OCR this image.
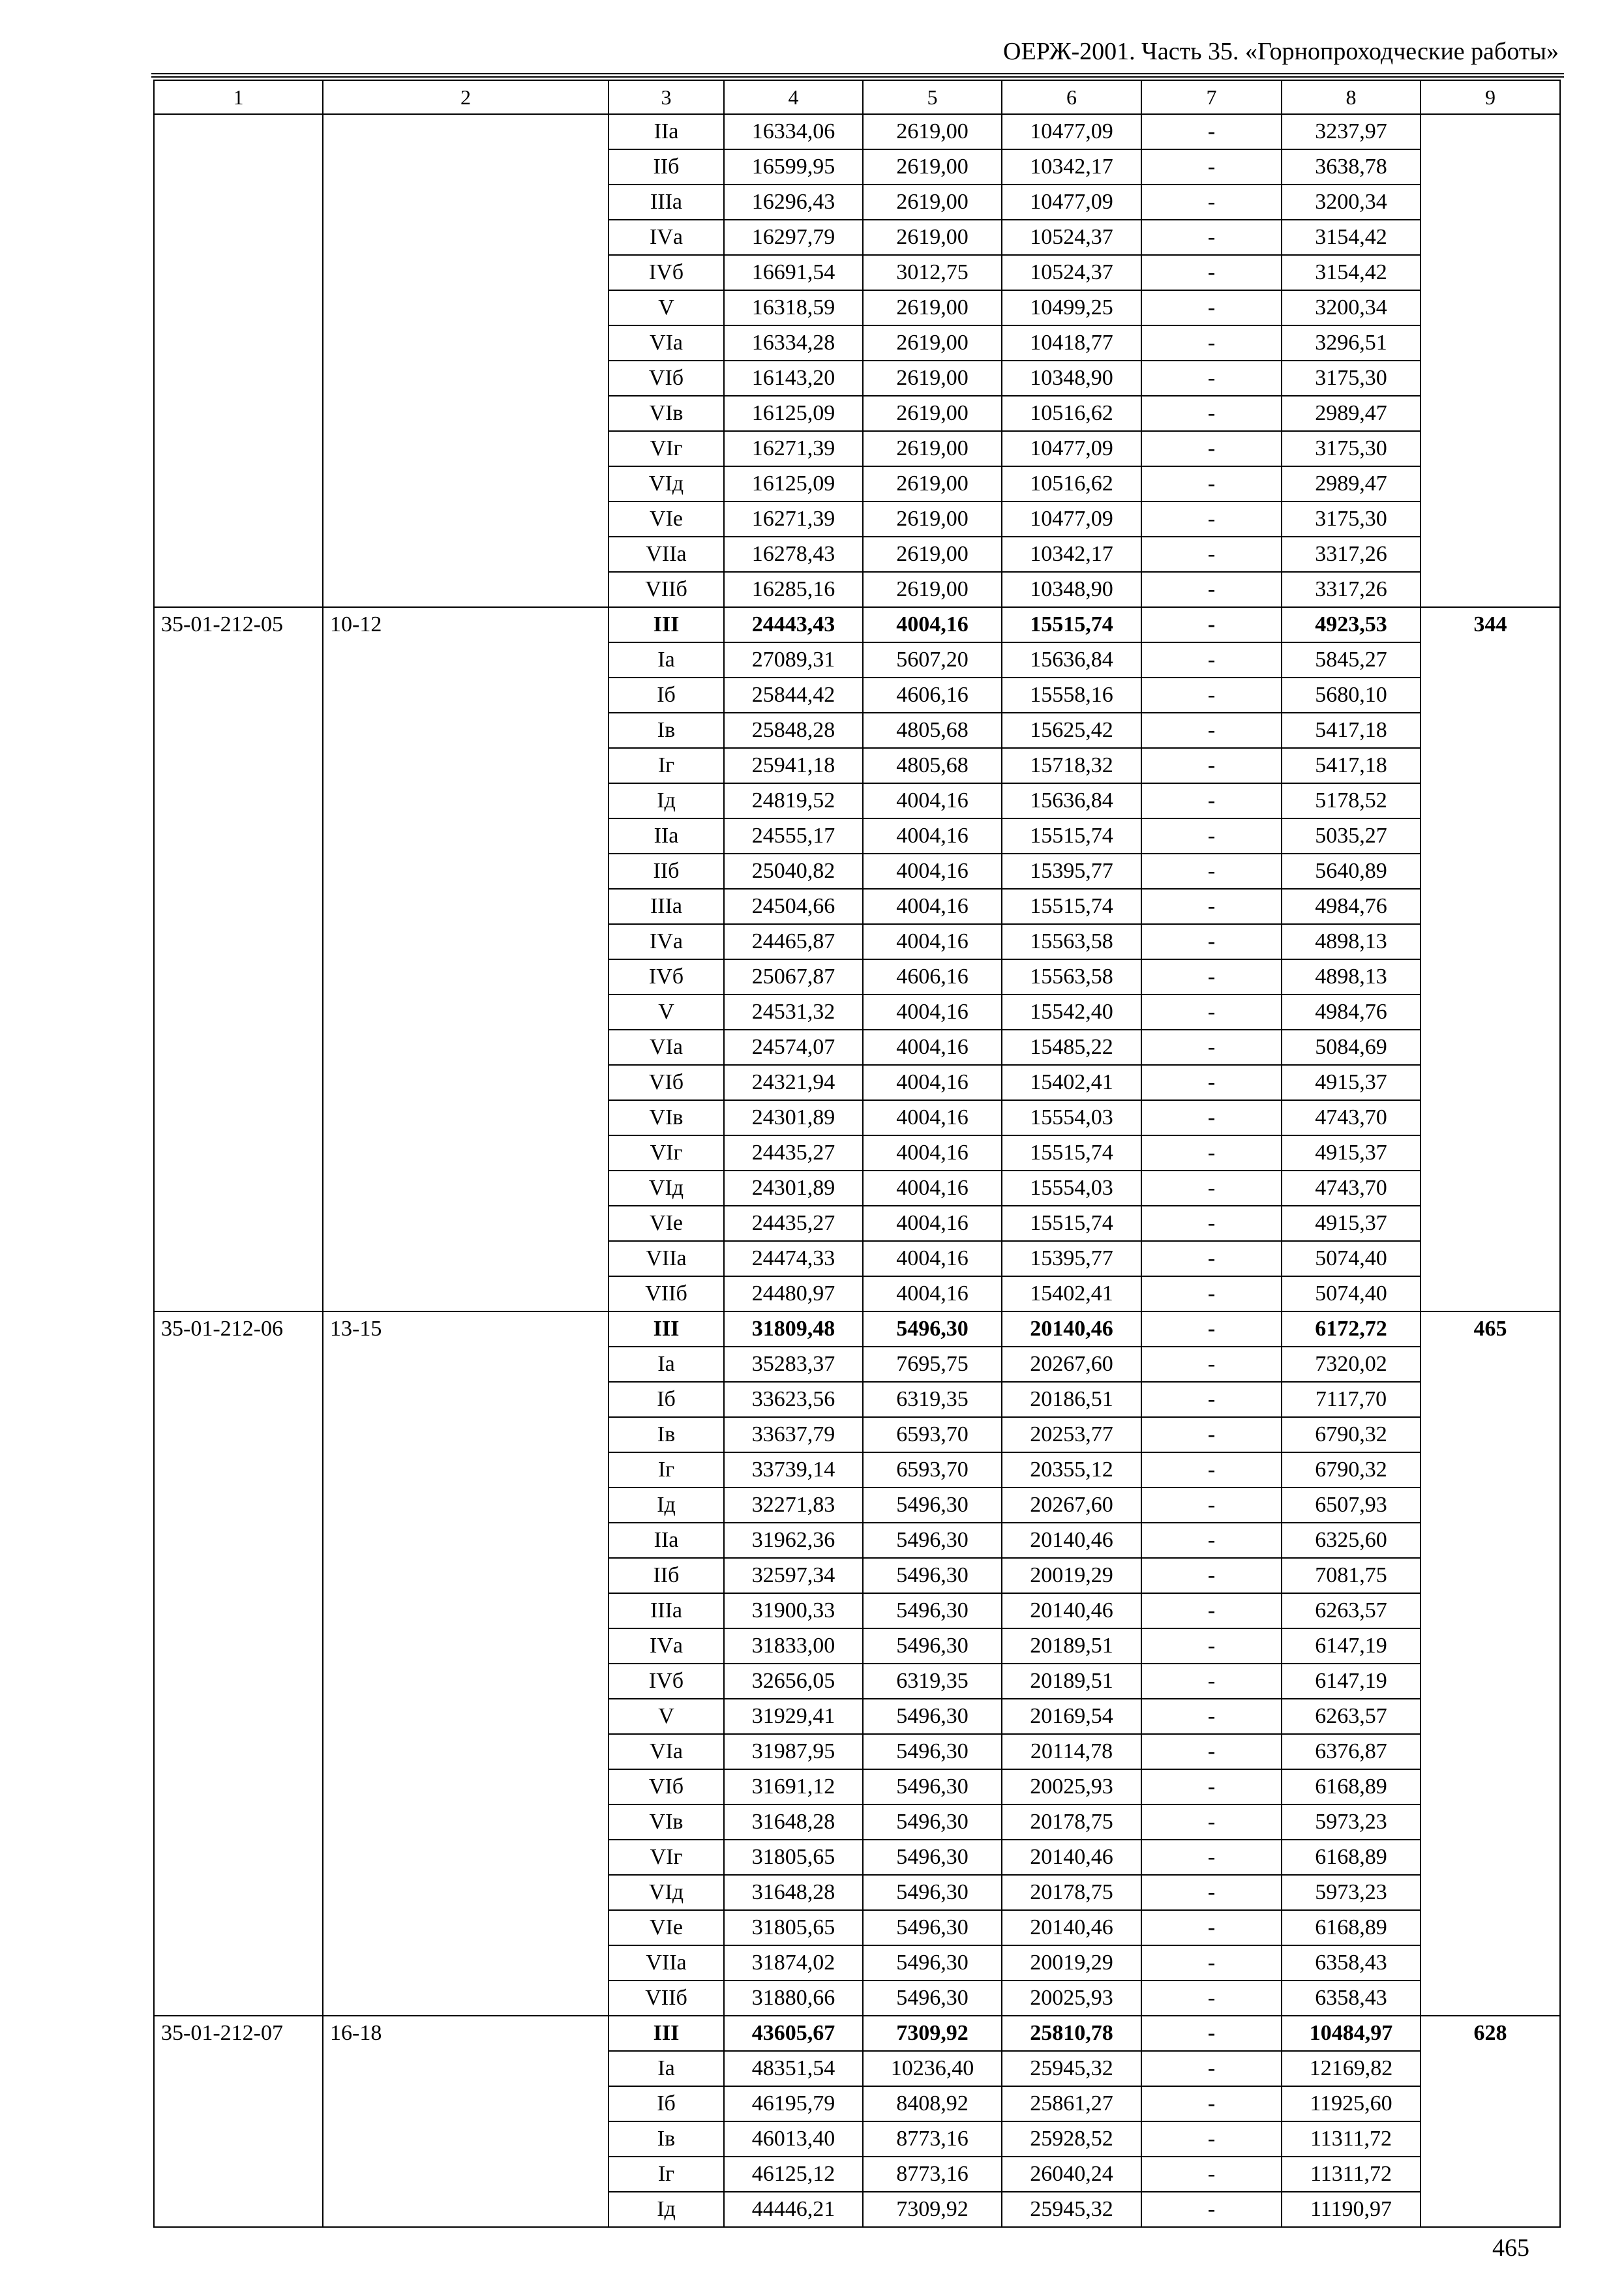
ОЕРЖ-2001. Часть 35. «Горнопроходческие работы»
1	2	3	4	5	6	7	8	9
		IIа	16334,06	2619,00	10477,09	-	3237,97	
		IIб	16599,95	2619,00	10342,17	-	3638,78	
		IIIа	16296,43	2619,00	10477,09	-	3200,34	
		IVа	16297,79	2619,00	10524,37	-	3154,42	
		IVб	16691,54	3012,75	10524,37	-	3154,42	
		V	16318,59	2619,00	10499,25	-	3200,34	
		VIа	16334,28	2619,00	10418,77	-	3296,51	
		VIб	16143,20	2619,00	10348,90	-	3175,30	
		VIв	16125,09	2619,00	10516,62	-	2989,47	
		VIг	16271,39	2619,00	10477,09	-	3175,30	
		VIд	16125,09	2619,00	10516,62	-	2989,47	
		VIе	16271,39	2619,00	10477,09	-	3175,30	
		VIIа	16278,43	2619,00	10342,17	-	3317,26	
		VIIб	16285,16	2619,00	10348,90	-	3317,26	
35-01-212-05	10-12	III	24443,43	4004,16	15515,74	-	4923,53	344
		Iа	27089,31	5607,20	15636,84	-	5845,27	
		Iб	25844,42	4606,16	15558,16	-	5680,10	
		Iв	25848,28	4805,68	15625,42	-	5417,18	
		Iг	25941,18	4805,68	15718,32	-	5417,18	
		Iд	24819,52	4004,16	15636,84	-	5178,52	
		IIа	24555,17	4004,16	15515,74	-	5035,27	
		IIб	25040,82	4004,16	15395,77	-	5640,89	
		IIIа	24504,66	4004,16	15515,74	-	4984,76	
		IVа	24465,87	4004,16	15563,58	-	4898,13	
		IVб	25067,87	4606,16	15563,58	-	4898,13	
		V	24531,32	4004,16	15542,40	-	4984,76	
		VIа	24574,07	4004,16	15485,22	-	5084,69	
		VIб	24321,94	4004,16	15402,41	-	4915,37	
		VIв	24301,89	4004,16	15554,03	-	4743,70	
		VIг	24435,27	4004,16	15515,74	-	4915,37	
		VIд	24301,89	4004,16	15554,03	-	4743,70	
		VIе	24435,27	4004,16	15515,74	-	4915,37	
		VIIа	24474,33	4004,16	15395,77	-	5074,40	
		VIIб	24480,97	4004,16	15402,41	-	5074,40	
35-01-212-06	13-15	III	31809,48	5496,30	20140,46	-	6172,72	465
		Iа	35283,37	7695,75	20267,60	-	7320,02	
		Iб	33623,56	6319,35	20186,51	-	7117,70	
		Iв	33637,79	6593,70	20253,77	-	6790,32	
		Iг	33739,14	6593,70	20355,12	-	6790,32	
		Iд	32271,83	5496,30	20267,60	-	6507,93	
		IIа	31962,36	5496,30	20140,46	-	6325,60	
		IIб	32597,34	5496,30	20019,29	-	7081,75	
		IIIа	31900,33	5496,30	20140,46	-	6263,57	
		IVа	31833,00	5496,30	20189,51	-	6147,19	
		IVб	32656,05	6319,35	20189,51	-	6147,19	
		V	31929,41	5496,30	20169,54	-	6263,57	
		VIа	31987,95	5496,30	20114,78	-	6376,87	
		VIб	31691,12	5496,30	20025,93	-	6168,89	
		VIв	31648,28	5496,30	20178,75	-	5973,23	
		VIг	31805,65	5496,30	20140,46	-	6168,89	
		VIд	31648,28	5496,30	20178,75	-	5973,23	
		VIе	31805,65	5496,30	20140,46	-	6168,89	
		VIIа	31874,02	5496,30	20019,29	-	6358,43	
		VIIб	31880,66	5496,30	20025,93	-	6358,43	
35-01-212-07	16-18	III	43605,67	7309,92	25810,78	-	10484,97	628
		Iа	48351,54	10236,40	25945,32	-	12169,82	
		Iб	46195,79	8408,92	25861,27	-	11925,60	
		Iв	46013,40	8773,16	25928,52	-	11311,72	
		Iг	46125,12	8773,16	26040,24	-	11311,72	
		Iд	44446,21	7309,92	25945,32	-	11190,97	
465
